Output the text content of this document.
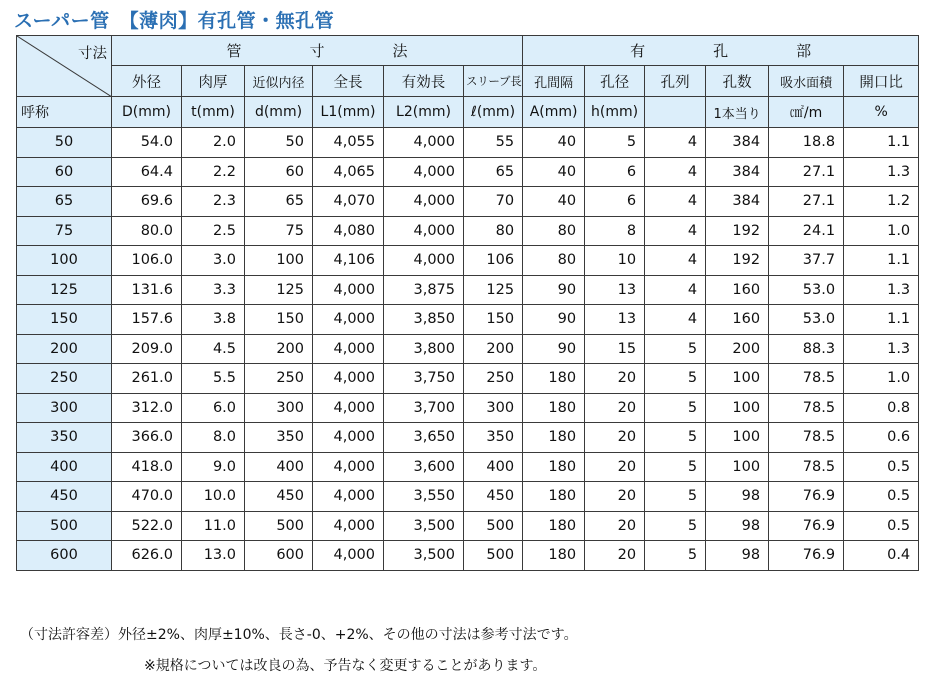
スーパー管　【薄肉】有孔管・無孔管
寸法	管 寸 法						有 孔 部					
	外径	肉厚	近似内径	全長	有効長	スリーブ長	孔間隔	孔径	孔列	孔数	吸水面積	開口比
呼称	D(mm)	t(mm)	d(mm)	L1(mm)	L2(mm)	ℓ(mm)	A(mm)	h(mm)		1本当り	㎠/m	%
50	54.0	2.0	50	4,055	4,000	55	40	5	4	384	18.8	1.1
60	64.4	2.2	60	4,065	4,000	65	40	6	4	384	27.1	1.3
65	69.6	2.3	65	4,070	4,000	70	40	6	4	384	27.1	1.2
75	80.0	2.5	75	4,080	4,000	80	80	8	4	192	24.1	1.0
100	106.0	3.0	100	4,106	4,000	106	80	10	4	192	37.7	1.1
125	131.6	3.3	125	4,000	3,875	125	90	13	4	160	53.0	1.3
150	157.6	3.8	150	4,000	3,850	150	90	13	4	160	53.0	1.1
200	209.0	4.5	200	4,000	3,800	200	90	15	5	200	88.3	1.3
250	261.0	5.5	250	4,000	3,750	250	180	20	5	100	78.5	1.0
300	312.0	6.0	300	4,000	3,700	300	180	20	5	100	78.5	0.8
350	366.0	8.0	350	4,000	3,650	350	180	20	5	100	78.5	0.6
400	418.0	9.0	400	4,000	3,600	400	180	20	5	100	78.5	0.5
450	470.0	10.0	450	4,000	3,550	450	180	20	5	98	76.9	0.5
500	522.0	11.0	500	4,000	3,500	500	180	20	5	98	76.9	0.5
600	626.0	13.0	600	4,000	3,500	500	180	20	5	98	76.9	0.4
（寸法許容差）外径±2%、肉厚±10%、長さ-0、+2%、その他の寸法は参考寸法です。
※規格については改良の為、予告なく変更することがあります。
